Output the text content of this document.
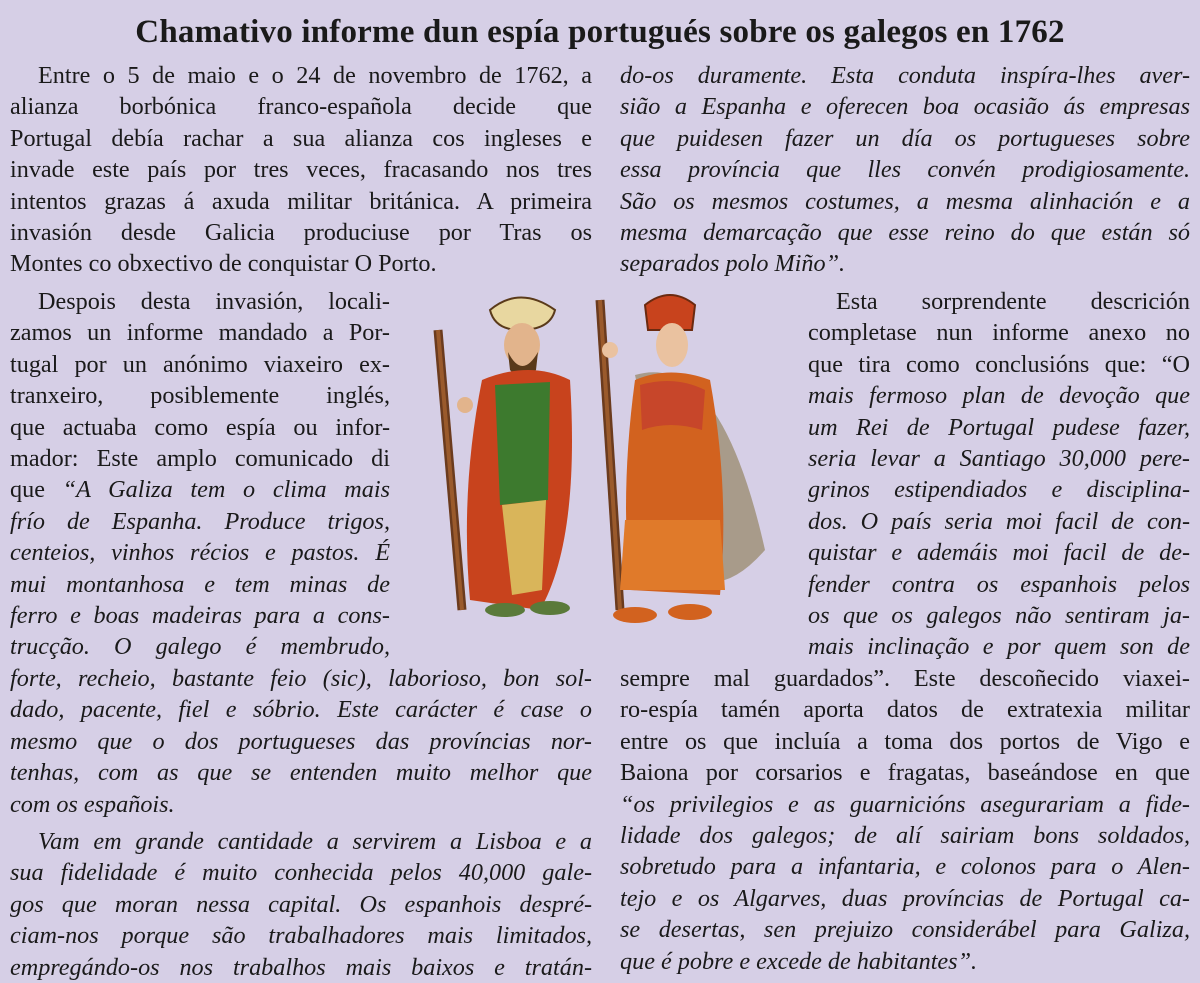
Chamativo informe dun espía portugués sobre os galegos en 1762
Entre o 5 de maio e o 24 de novembro de 1762, a
alianza borbónica franco-española decide que
Portugal debía rachar a sua alianza cos ingleses e
invade este país por tres veces, fracasando nos tres
intentos grazas á axuda militar británica. A primeira
invasión desde Galicia produciuse por Tras os
Montes co obxectivo de conquistar O Porto.
Despois desta invasión, locali-
zamos un informe mandado a Por-
tugal por un anónimo viaxeiro ex-
tranxeiro, posiblemente inglés,
que actuaba como espía ou infor-
mador: Este amplo comunicado di
que “A Galiza tem o clima mais
frío de Espanha. Produce trigos,
centeios, vinhos récios e pastos. É
mui montanhosa e tem minas de
ferro e boas madeiras para a cons-
trucção. O galego é membrudo,
forte, recheio, bastante feio (sic), laborioso, bon sol-
dado, pacente, fiel e sóbrio. Este carácter é case o
mesmo que o dos portugueses das províncias nor-
tenhas, com as que se entenden muito melhor que
com os españois.
Vam em grande cantidade a servirem a Lisboa e a
sua fidelidade é muito conhecida pelos 40,000 gale-
gos que moran nessa capital. Os espanhois despré-
ciam-nos porque são trabalhadores mais limitados,
empregándo-os nos trabalhos mais baixos e tratán-
do-os duramente. Esta conduta inspíra-lhes aver-
sião a Espanha e oferecen boa ocasião ás empresas
que puidesen fazer un día os portugueses sobre
essa província que lles convén prodigiosamente.
São os mesmos costumes, a mesma alinhación e a
mesma demarcação que esse reino do que están só
separados polo Miño”.
Esta sorprendente descrición
completase nun informe anexo no
que tira como conclusións que: “O
mais fermoso plan de devoção que
um Rei de Portugal pudese fazer,
seria levar a Santiago 30,000 pere-
grinos estipendiados e disciplina-
dos. O país seria moi facil de con-
quistar e ademáis moi facil de de-
fender contra os espanhois pelos
os que os galegos não sentiram ja-
mais inclinação e por quem son de
sempre mal guardados”. Este descoñecido viaxei-
ro-espía tamén aporta datos de extratexia militar
entre os que incluía a toma dos portos de Vigo e
Baiona por corsarios e fragatas, baseándose en que
“os privilegios e as guarnicións asegurariam a fide-
lidade dos galegos; de alí sairiam bons soldados,
sobretudo para a infantaria, e colonos para o Alen-
tejo e os Algarves, duas províncias de Portugal ca-
se desertas, sen prejuizo considerábel para Galiza,
que é pobre e excede de habitantes”.
